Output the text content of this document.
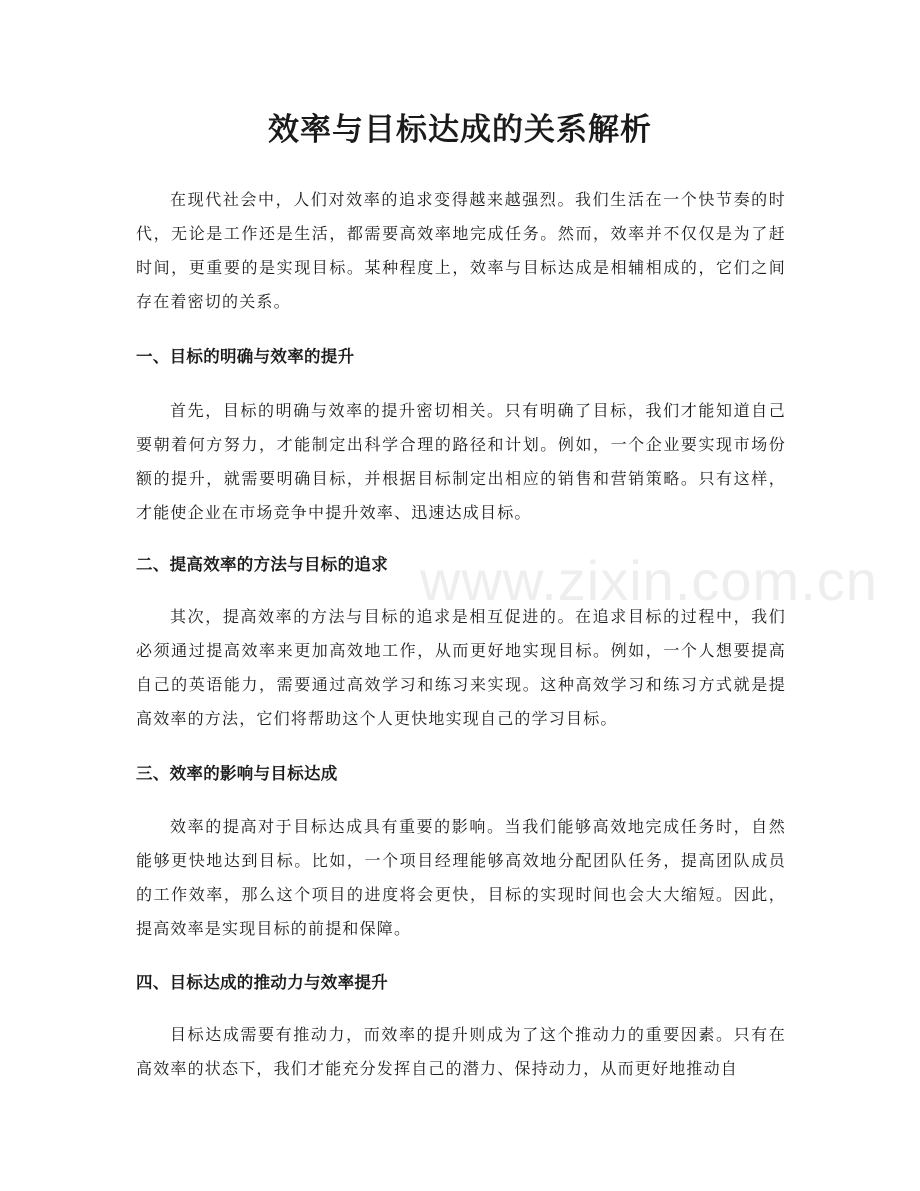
效率与目标达成的关系解析

在现代社会中，人们对效率的追求变得越来越强烈。我们生活在一个快节奏的时代，无论是工作还是生活，都需要高效率地完成任务。然而，效率并不仅仅是为了赶时间，更重要的是实现目标。某种程度上，效率与目标达成是相辅相成的，它们之间存在着密切的关系。

一、目标的明确与效率的提升

首先，目标的明确与效率的提升密切相关。只有明确了目标，我们才能知道自己要朝着何方努力，才能制定出科学合理的路径和计划。例如，一个企业要实现市场份额的提升，就需要明确目标，并根据目标制定出相应的销售和营销策略。只有这样，才能使企业在市场竞争中提升效率、迅速达成目标。

二、提高效率的方法与目标的追求

其次，提高效率的方法与目标的追求是相互促进的。在追求目标的过程中，我们必须通过提高效率来更加高效地工作，从而更好地实现目标。例如，一个人想要提高自己的英语能力，需要通过高效学习和练习来实现。这种高效学习和练习方式就是提高效率的方法，它们将帮助这个人更快地实现自己的学习目标。

三、效率的影响与目标达成

效率的提高对于目标达成具有重要的影响。当我们能够高效地完成任务时，自然能够更快地达到目标。比如，一个项目经理能够高效地分配团队任务，提高团队成员的工作效率，那么这个项目的进度将会更快，目标的实现时间也会大大缩短。因此，提高效率是实现目标的前提和保障。

四、目标达成的推动力与效率提升

目标达成需要有推动力，而效率的提升则成为了这个推动力的重要因素。只有在高效率的状态下，我们才能充分发挥自己的潜力、保持动力，从而更好地推动自

www.zixin.com.cn
